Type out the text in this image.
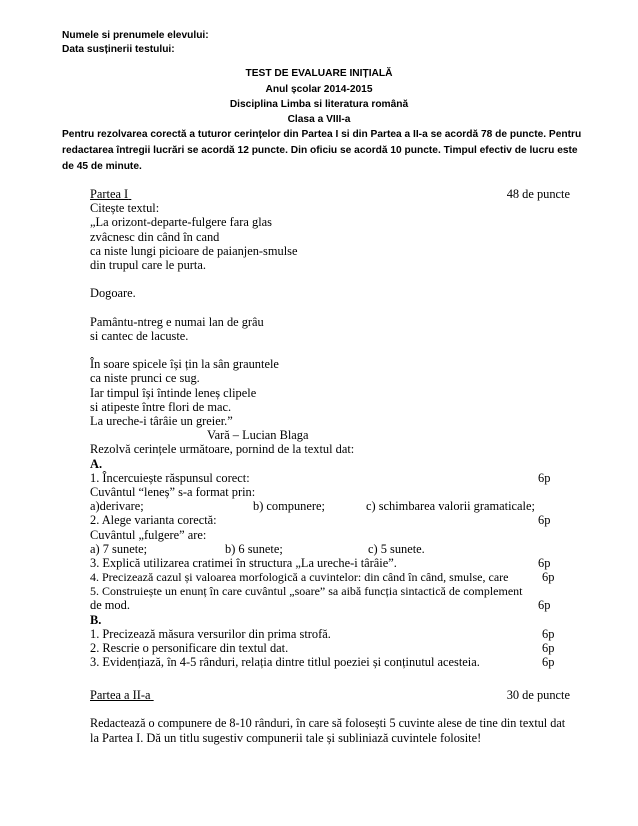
Numele si prenumele elevului:
Data susținerii testului:
TEST DE EVALUARE INIȚIALĂ
Anul școlar 2014-2015
Disciplina Limba si literatura română
Clasa a VIII-a
Pentru rezolvarea corectă a tuturor cerințelor din Partea I si din Partea a II-a se acordă 78 de puncte. Pentru redactarea întregii lucrări se acordă 12 puncte. Din oficiu se acordă 10 puncte. Timpul efectiv de lucru este de 45 de minute.
Partea I	48 de puncte

Citește textul:
„La orizont-departe-fulgere fara glas
zvâcnesc din când în cand
ca niste lungi picioare de paianjen-smulse
din trupul care le purta.
Dogoare.
Pamântu-ntreg e numai lan de grâu
si cantec de lacuste.
În soare spicele își țin la sân grauntele
ca niste prunci ce sug.
Iar timpul își întinde leneș clipele
si atipeste între flori de mac.
La ureche-i târâie un greier.”
Vară – Lucian Blaga
Rezolvă cerințele următoare, pornind de la textul dat:
A.
1. Încercuiește răspunsul corect:	6p
Cuvântul “leneș” s-a format prin:
a)derivare;	b) compunere;	c) schimbarea valorii gramaticale;
2. Alege varianta corectă:	6p
Cuvântul „fulgere” are:
a) 7 sunete;	b) 6 sunete;	c) 5 sunete.
3. Explică utilizarea cratimei în structura „La ureche-i târâie”.	6p
4. Precizează cazul și valoarea morfologică a cuvintelor: din când în când, smulse, care	6p
5. Construiește un enunț în care cuvântul „soare” sa aibă funcția sintactică de complement
de mod.	6p
B.
1. Precizează măsura versurilor din prima strofă.	6p
2. Rescrie o personificare din textul dat.	6p
3. Evidențiază, în 4-5 rânduri, relația dintre titlul poeziei și conținutul acesteia.	6p
Partea a II-a	30 de puncte

Redactează o compunere de 8-10 rânduri, în care să folosești 5 cuvinte alese de tine din textul dat
la Partea I. Dă un titlu sugestiv compunerii tale și subliniază cuvintele folosite!
